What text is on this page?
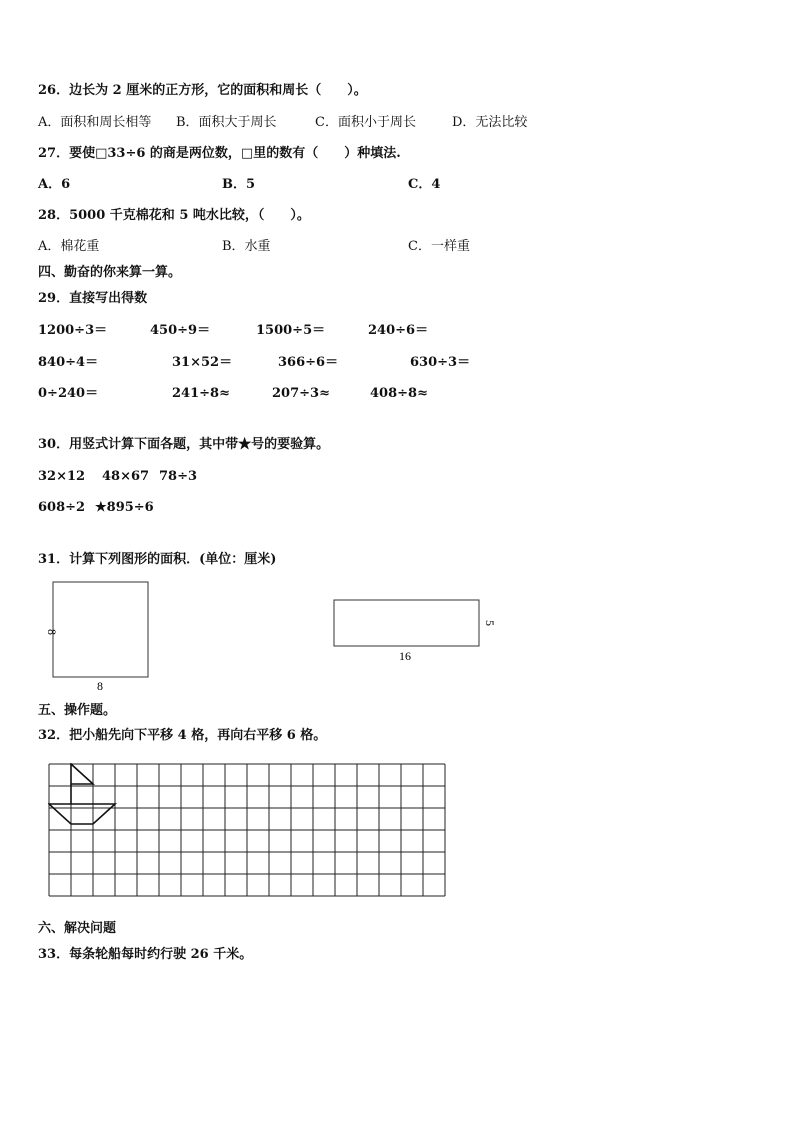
26．边长为 2 厘米的正方形，它的面积和周长（　　）。
A．面积和周长相等 B．面积大于周长	C．面积小于周长	D．无法比较
27．要使□33÷6 的商是两位数，□里的数有（　　）种填法.
A．6	B．5	C．4
28．5000 千克棉花和 5 吨水比较，（　　）。
A．棉花重	B．水重	C．一样重
四、勤奋的你来算一算。
29．直接写出得数
1200÷3＝	450÷9＝	1500÷5＝	240÷6＝
840÷4＝	31×52＝	366÷6＝	630÷3＝
0÷240＝	241÷8≈	207÷3≈	408÷8≈
30．用竖式计算下面各题，其中带★号的要验算。
32×12 48×67 78÷3
608÷2 ★895÷6
31．计算下列图形的面积．(单位：厘米)
8
8
5
16
五、操作题。
32．把小船先向下平移 4 格，再向右平移 6 格。
六、解决问题
33．每条轮船每时约行驶 26 千米。
